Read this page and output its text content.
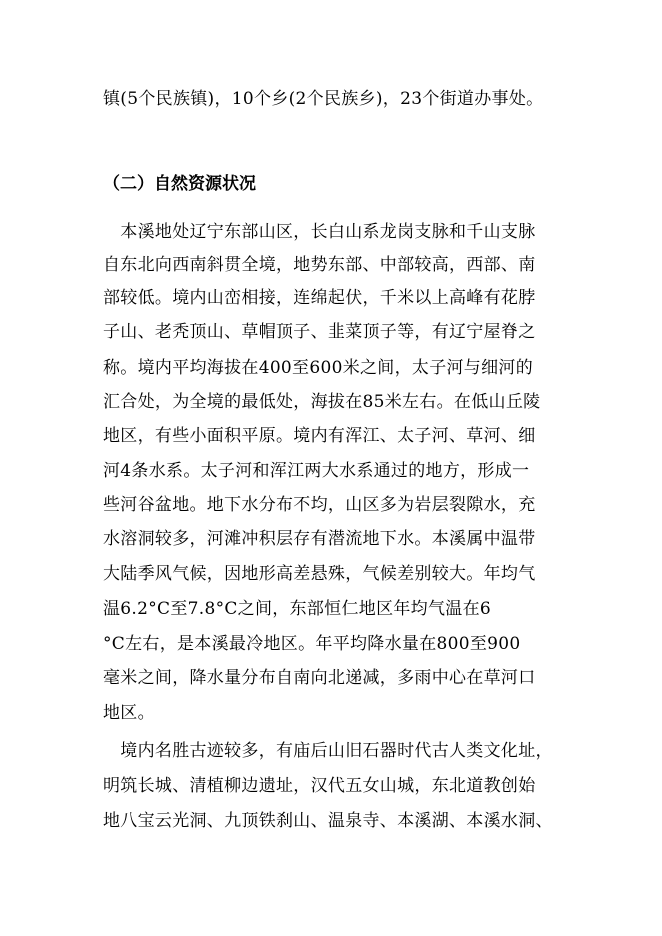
镇(5个民族镇)，10个乡(2个民族乡)，23个街道办事处。
（二）自然资源状况
　本溪地处辽宁东部山区，长白山系龙岗支脉和千山支脉
自东北向西南斜贯全境，地势东部、中部较高，西部、南
部较低。境内山峦相接，连绵起伏，千米以上高峰有花脖
子山、老秃顶山、草帽顶子、韭菜顶子等，有辽宁屋脊之
称。境内平均海拔在400至600米之间，太子河与细河的
汇合处，为全境的最低处，海拔在85米左右。在低山丘陵
地区，有些小面积平原。境内有浑江、太子河、草河、细
河4条水系。太子河和浑江两大水系通过的地方，形成一
些河谷盆地。地下水分布不均，山区多为岩层裂隙水，充
水溶洞较多，河滩冲积层存有潜流地下水。本溪属中温带
大陆季风气候，因地形高差悬殊，气候差别较大。年均气
温6.2°C至7.8°C之间，东部恒仁地区年均气温在6
°C左右，是本溪最冷地区。年平均降水量在800至900
毫米之间，降水量分布自南向北递减，多雨中心在草河口
地区。
　境内名胜古迹较多，有庙后山旧石器时代古人类文化址，
明筑长城、清植柳边遗址，汉代五女山城，东北道教创始
地八宝云光洞、九顶铁刹山、温泉寺、本溪湖、本溪水洞、
